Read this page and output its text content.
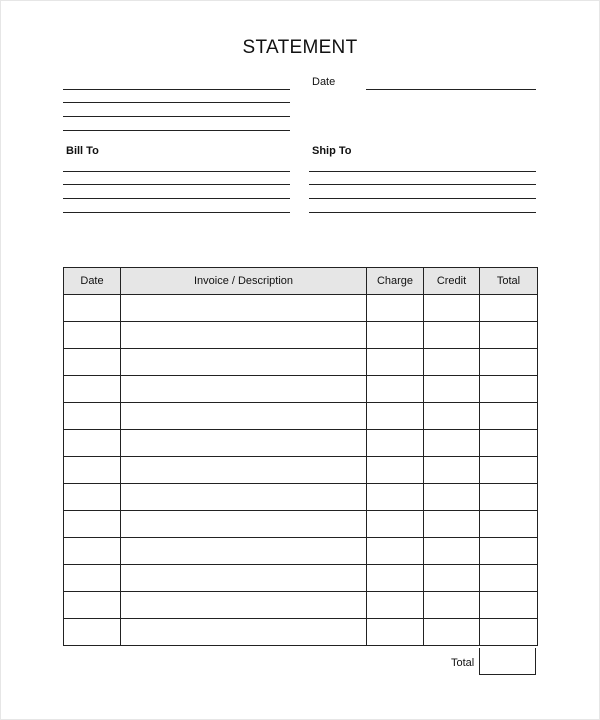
STATEMENT
Date
Bill To	Ship To
Date	Invoice / Description	Charge	Credit	Total

Total
